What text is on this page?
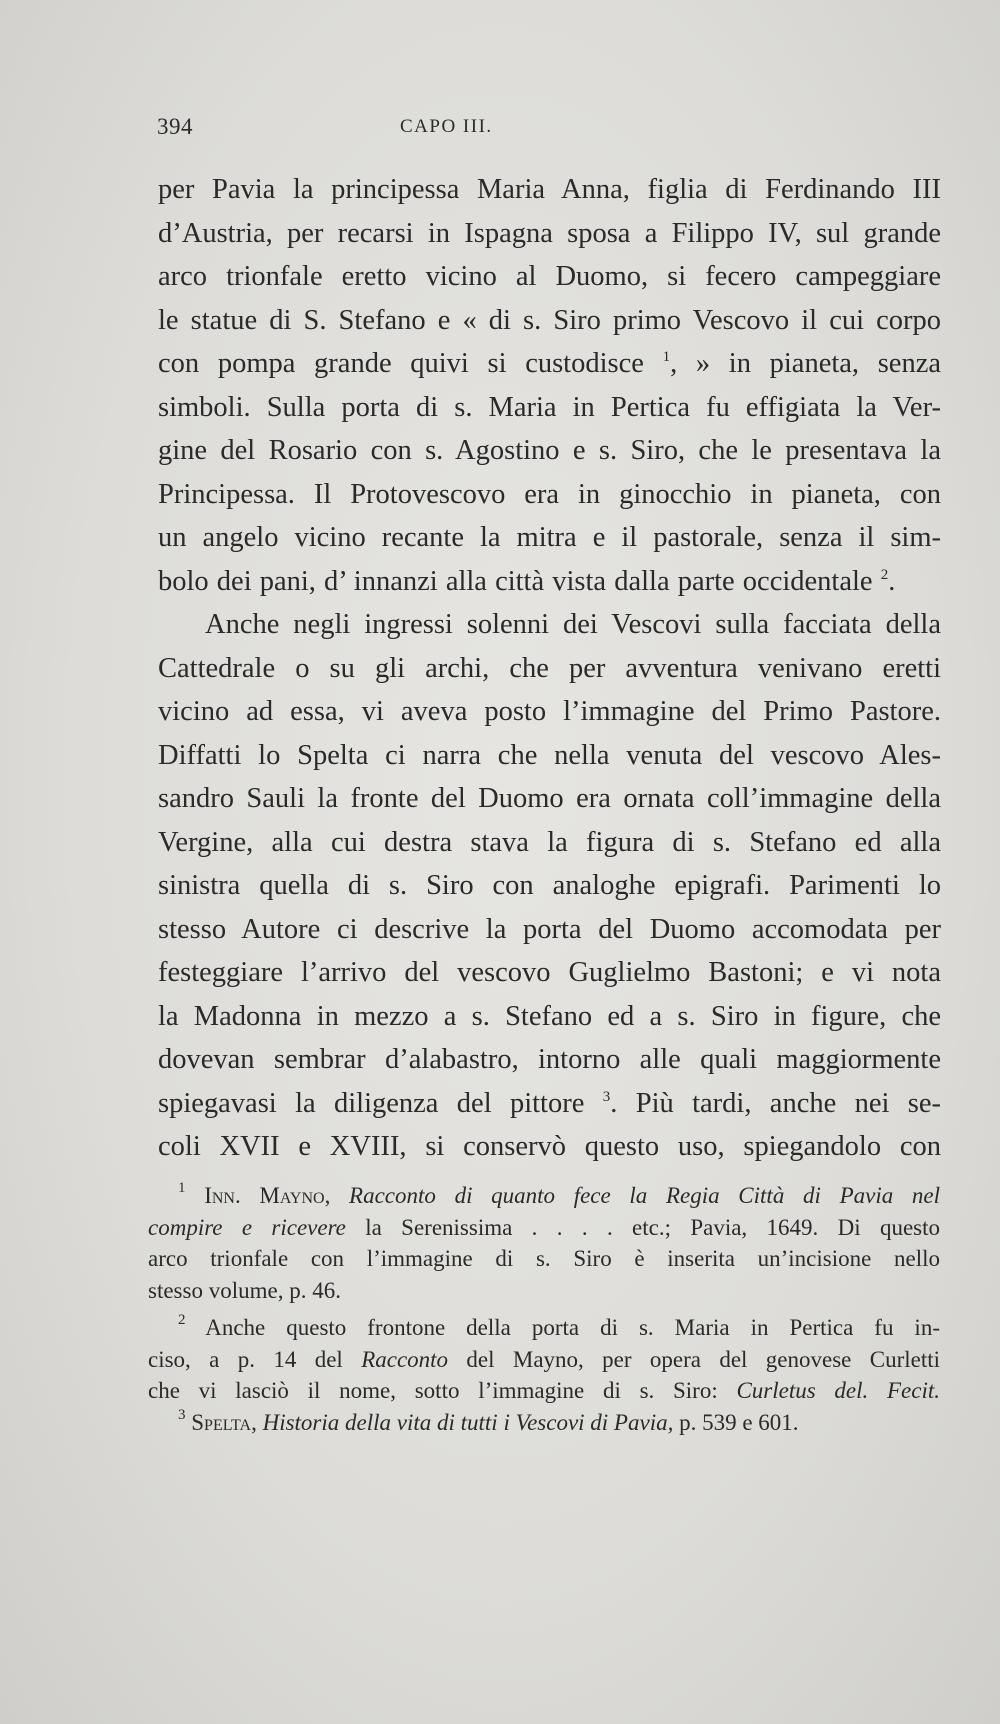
394	CAPO III.

per Pavia la principessa Maria Anna, figlia di Ferdinando III

d’Austria, per recarsi in Ispagna sposa a Filippo IV, sul grande

arco trionfale eretto vicino al Duomo, si fecero campeggiare

le statue di S. Stefano e « di s. Siro primo Vescovo il cui corpo

con pompa grande quivi si custodisce $^1$, » in pianeta, senza

simboli. Sulla porta di s. Maria in Pertica fu effigiata la Ver-

gine del Rosario con s. Agostino e s. Siro, che le presentava la

Principessa. Il Protovescovo era in ginocchio in pianeta, con

un angelo vicino recante la mitra e il pastorale, senza il sim-

bolo dei pani, d’ innanzi alla città vista dalla parte occidentale $^2$.

Anche negli ingressi solenni dei Vescovi sulla facciata della

Cattedrale o su gli archi, che per avventura venivano eretti

vicino ad essa, vi aveva posto l’immagine del Primo Pastore.

Diffatti lo Spelta ci narra che nella venuta del vescovo Ales-

sandro Sauli la fronte del Duomo era ornata coll’immagine della

Vergine, alla cui destra stava la figura di s. Stefano ed alla

sinistra quella di s. Siro con analoghe epigrafi. Parimenti lo

stesso Autore ci descrive la porta del Duomo accomodata per

festeggiare l’arrivo del vescovo Guglielmo Bastoni; e vi nota

la Madonna in mezzo a s. Stefano ed a s. Siro in figure, che

dovevan sembrar d’alabastro, intorno alle quali maggiormente

spiegavasi la diligenza del pittore $^3$. Più tardi, anche nei se-

coli XVII e XVIII, si conservò questo uso, spiegandolo con

$^1$ Inn. Mayno, Racconto di quanto fece la Regia Città di Pavia nel
compire e ricevere la Serenissima . . . . etc.; Pavia, 1649. Di questo
arco trionfale con l’immagine di s. Siro è inserita un’incisione nello
stesso volume, p. 46.
$^2$ Anche questo frontone della porta di s. Maria in Pertica fu in-
ciso, a p. 14 del Racconto del Mayno, per opera del genovese Curletti
che vi lasciò il nome, sotto l’immagine di s. Siro: Curletus del. Fecit.
$^3$ Spelta, Historia della vita di tutti i Vescovi di Pavia, p. 539 e 601.
